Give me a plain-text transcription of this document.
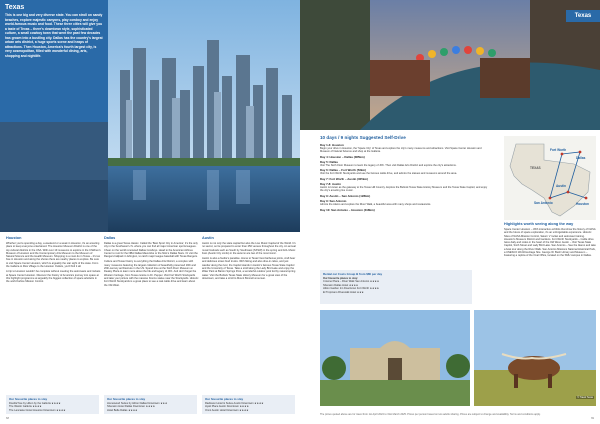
Texas
This is one big and very diverse state. You can stroll on sandy beaches, explore majestic canyons, play cowboy and enjoy world-famous music and food. These three cities will give you a taste of Texas – there's downtown style, sophisticated culture, a small cowboy town that went the past few decades has grown into a bustling city. Dallas has the country's largest urban arts district, a huge sports scene and heaps of attractions. Then Houston, America's fourth largest city, is very cosmopolitan, filled with wonderful dining, arts, shopping and nightlife.
Houston

Whether you're spending a day, a weekend or a week in Houston, it's an amazing place to keep everyone entertained. The Houston Museum District is one of the top cultural districts in the USA. With over 19 museums to explore in the Children's Museum of Houston and the Contemporary Arts Museum to the Museum of Natural Science and the Health Museum. Shopping is a must do in Texas – it's tax free in Houston and along the shores there are nearby places to explore. Be sure to visit Space Center Houston, which is arguably the star sight of the state. From the Galleria to Rice Village to the Houston Outlets, you'll find it all.

A trip to Houston wouldn't be complete without meeting the astronauts and rockets at Space Center Houston. Discover the history of America's journey into space at this highlight programme at arguably the biggest collection of space artefacts in the world before Mission Control.

Dallas

Dallas is a great Texas classic. Called the 'Best Sport City in America', it's the only city in the Southwest U.S. where you can find all major American sports leagues. Cheer on the world renowned Dallas Cowboys. Head to the American Airlines Center to root for the NBA Dallas Mavericks or the NHL's Dallas Stars. Or visit the Rangers ballpark in Arlington, to catch major league baseball with Texas Rangers.

Culture and Texas history is everything the Dallas Arts District, a complex with many museums featuring the largest collection of beautifully preserved 19th and 20th-century architecture in the US. Spend time at the Sixth Floor Museum at Dealey Plaza to learn more about the life and legacy of JFK. And don't forget the Western heritage, from Texas cuisine to Dr. Pepper. Visit Fort Worth Stockyards and take your picture with the massive bronze statue near the Stockyards. Historic Fort Worth Stockyards is a great place to see a real cattle drive and learn about the Old West.

Austin

Austin is not only the state capital but also the Live Music Capital of the World. It's no secret, so be prepared to enter than 250 venues throughout the city. An annual music festivals such as South by Southwest (SXSW) in the spring and ACL Music Fest (Austin City Limits) in the autumn are two of the most iconic.

Austin is also a foodie's paradise. Home to Texas' best barbecue joints, craft beer and delicious street food trucks. With hiking and also dine-in cafes, and just wander along the river, the Capitol stands in Austin's famous Texas State Capitol and the University of Texas. Take a stroll along the Lady Bird Lake and enjoy the Zilker Park at Barton Springs Pool, a wonderful outdoor pool fed by natural spring water. Visit the Bullock Texas State History Museum for a great view of the downtown, and take a stroll to Mount Bonnell at sunset.

Our favourite places to stay
DoubleTree by Hilton by the Galleria ★★★★
The Westin Galleria ★★★★
The Lancaster Hotel Houston Downtown ★★★★
Our favourite places to stay
Homewood Suites by Hilton Dallas Downtown ★★★
Sheraton Hotel Dallas Downtown ★★★★
Hotel Belle Dallas ★★★★
Our favourite places to stay
Radisson Hotel & Suites Austin Downtown ★★★★
Hyatt Place Austin Downtown ★★★★
Omni Austin Hotel Downtown ★★★★
68
Texas
10 days / 9 nights Suggested Self-Drive
Day 1-3: Houston
Begin your drive in Houston, the 'Space City' of Texas and explore the city's many museums and attractions. Visit Space Center Houston and Museum of Natural Science and shop at the Galleria.
Day 4: Houston – Dallas (385km)
Day 5: Dallas
Visit The Sixth Floor Museum to learn the legacy of JFK. Then visit Dallas Arts District and explore the city's attractions.
Day 6: Dallas – Fort Worth (53km)
Visit the Fort Worth Stockyards and see the famous cattle drive, and admire the statues and museums around the area.
Day 7: Fort Worth – Austin (305km)
Day 7-8: Austin
Austin is known as the gateway to the Texas Hill Country. Explore the Bullock Texas State History Museum and the Texas State Capitol, and enjoy the city's amazing live music.
Day 9: Austin – San Antonio (128km)
Day 9: San Antonio
Admire the Alamo and explore the River Walk, a beautiful area with many shops and restaurants.
Day 10: San Antonio – Houston (318km)
Rental car Costs Group B from $80 per day
Our favourite places to stay:
Crowne Plaza – River Walk San Antonio ★★★★
Sheraton Dallas Hotel ★★★★
Hilton Garden Inn Downtown Fort Worth ★★★★
El Tropicano Riverwalk Hotel ★★★
TEXAS
Fort Worth
Dallas
Austin
San Antonio	Houston
Highlights worth seeing along the way

Space Center Houston – With interactive exhibits that show the history of NASA and the future of space exploration, it's an unforgettable experience. Historic Sites of NASA Mission Control, Saturn V rocket and astronaut training. Houston's Museum District and Gardens. Fort Worth Stockyards – Cattle drive twice daily and rodeo in the heart of the Old West. Austin – Visit Texas State Capitol, Sixth Street and Lady Bird Lake. San Antonio – See the Alamo and take a boat tour along the River Walk. San Antonio Missions National Historical Park, a UNESCO World Heritage Site. George W. Bush Library and Museum – Featuring a replica of the Oval Office, located on the SMU campus in Dallas.

© Travel Texas
The prices quoted above are for travel from 1st April 2024 to 31st March 2025. Prices per person based on two adults sharing. Prices are subject to change and availability. Terms and conditions apply.
69
